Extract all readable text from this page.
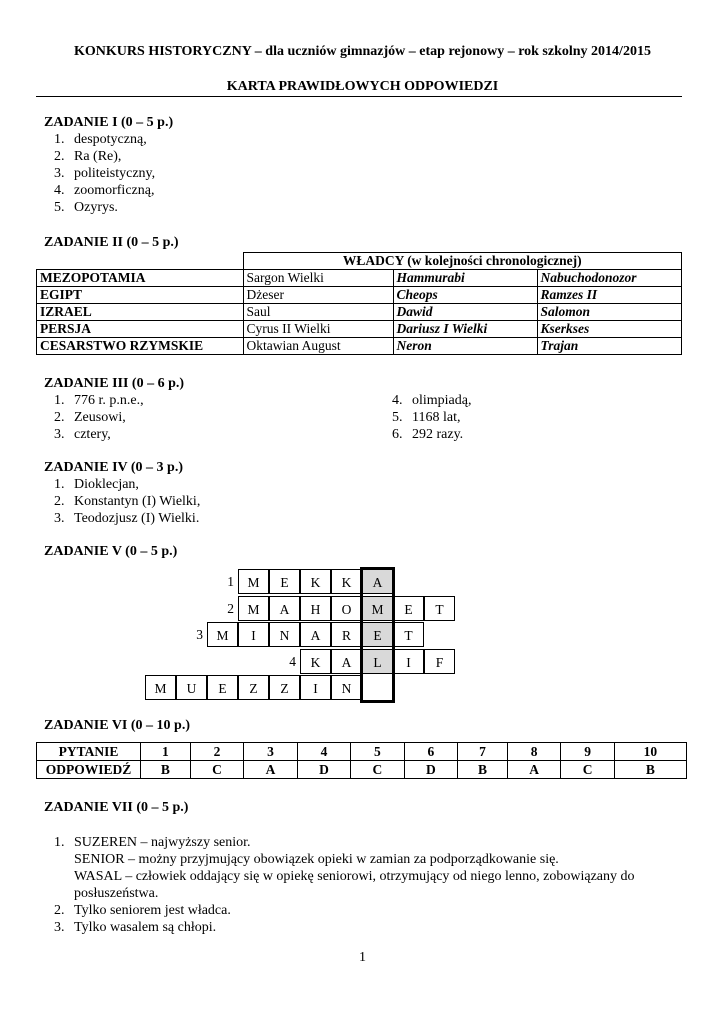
KONKURS HISTORYCZNY – dla uczniów gimnazjów – etap rejonowy – rok szkolny 2014/2015
KARTA PRAWIDŁOWYCH ODPOWIEDZI
ZADANIE I (0 – 5 p.)
1. despotyczną,
2. Ra (Re),
3. politeistyczny,
4. zoomorficzną,
5. Ozyrys.
ZADANIE II (0 – 5 p.)
	WŁADCY (w kolejności chronologicznej)		
MEZOPOTAMIA	Sargon Wielki	Hammurabi	Nabuchodonozor
EGIPT	Dżeser	Cheops	Ramzes II
IZRAEL	Saul	Dawid	Salomon
PERSJA	Cyrus II Wielki	Dariusz I Wielki	Kserkses
CESARSTWO RZYMSKIE	Oktawian August	Neron	Trajan
ZADANIE III (0 – 6 p.)
1. 776 r. p.n.e.,
2. Zeusowi,
3. cztery,
4. olimpiadą,
5. 1168 lat,
6. 292 razy.
ZADANIE IV (0 – 3 p.)
1. Dioklecjan,
2. Konstantyn (I) Wielki,
3. Teodozjusz (I) Wielki.
ZADANIE V (0 – 5 p.)
1 M	E	K	K	A
2 M	A	H	O	M	E	T
3 M	I	N	A	R	E	T
4	K	A	L	I	F
M	U	E	Z	Z	I	N
ZADANIE VI (0 – 10 p.)
PYTANIE	1	2	3	4	5	6	7	8	9	10
ODPOWIEDŹ	B	C	A	D	C	D	B	A	C	B
ZADANIE VII (0 – 5 p.)

1. SUZEREN – najwyższy senior.

SENIOR – możny przyjmujący obowiązek opieki w zamian za podporządkowanie się.

WASAL – człowiek oddający się w opiekę seniorowi, otrzymujący od niego lenno, zobowiązany do posłuszeństwa.

2. Tylko seniorem jest władca.
3. Tylko wasalem są chłopi.
1
